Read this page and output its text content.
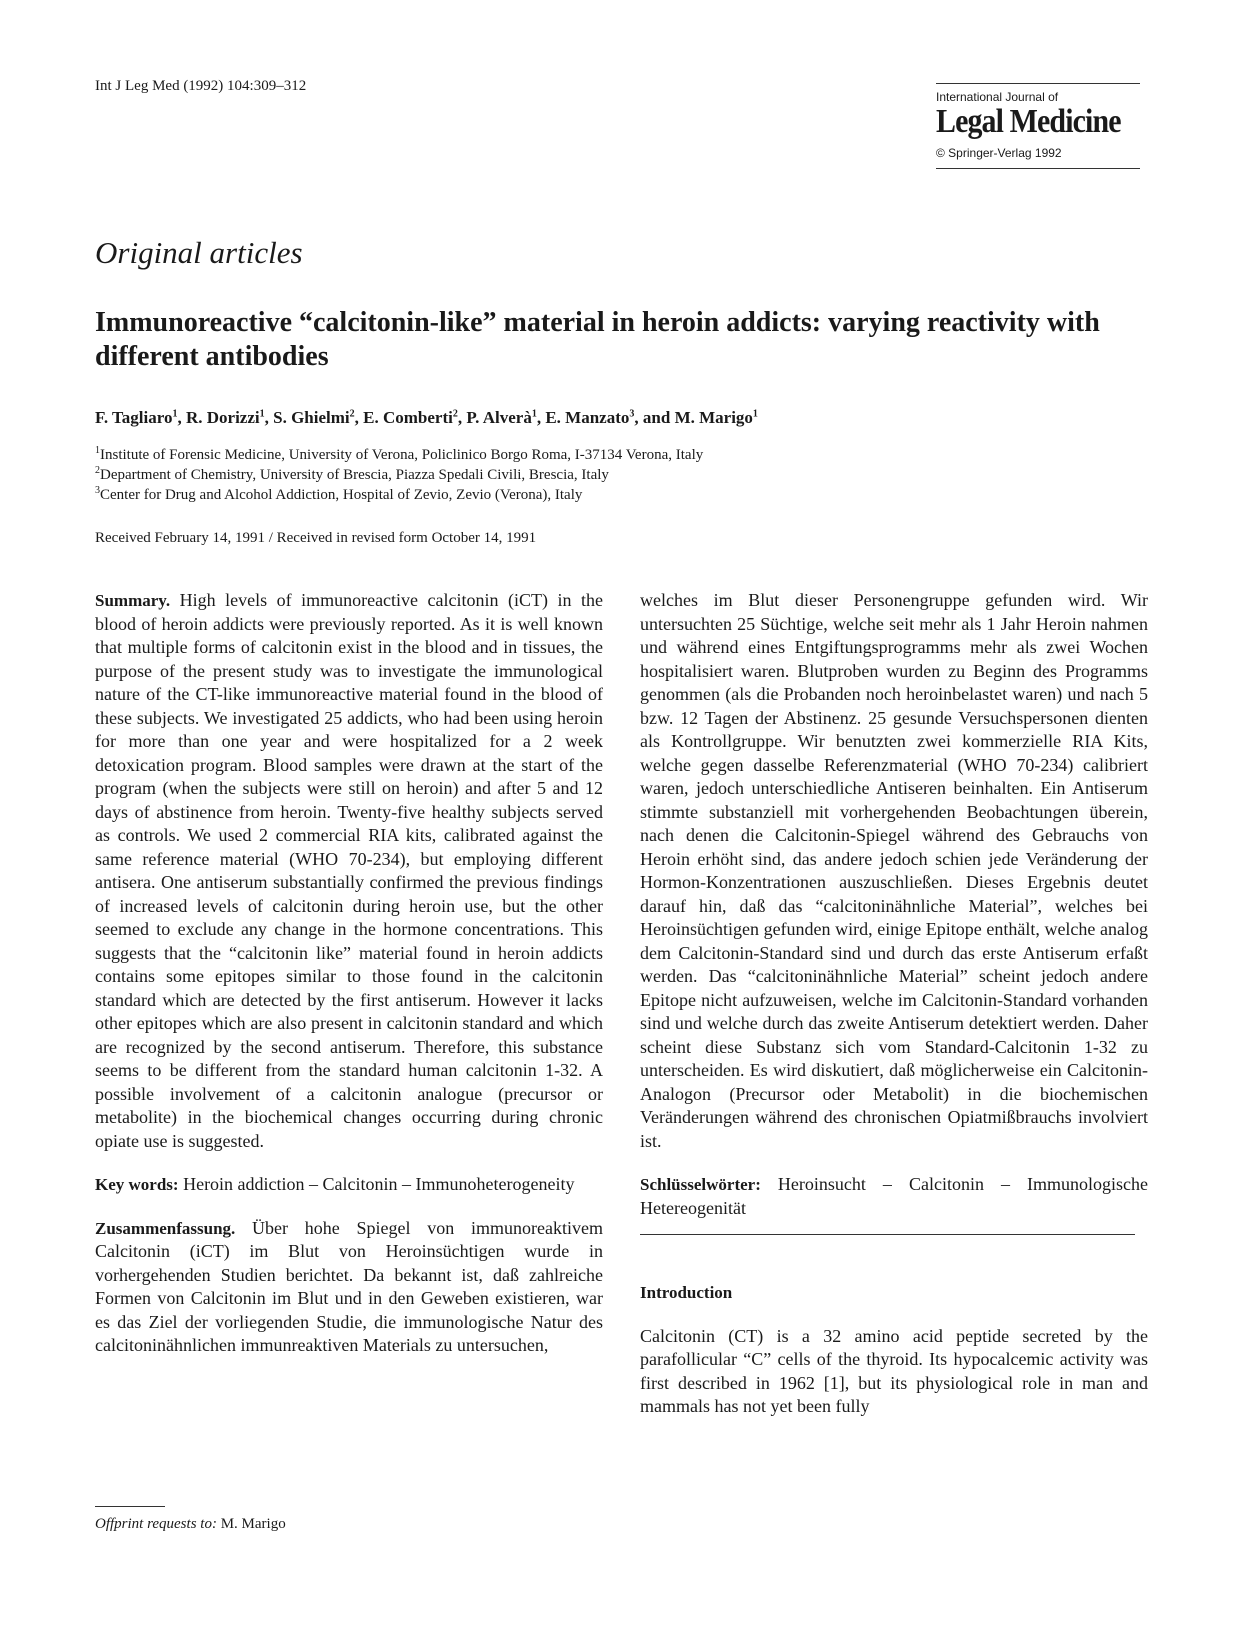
Int J Leg Med (1992) 104:309–312
International Journal of
Legal Medicine
© Springer-Verlag 1992
Original articles
Immunoreactive “calcitonin-like” material in heroin addicts: varying reactivity with different antibodies
F. Tagliaro$^1$, R. Dorizzi$^1$, S. Ghielmi$^2$, E. Comberti$^2$, P. Alverà$^1$, E. Manzato$^3$, and M. Marigo$^1$
$^1$Institute of Forensic Medicine, University of Verona, Policlinico Borgo Roma, I-37134 Verona, Italy
$^2$Department of Chemistry, University of Brescia, Piazza Spedali Civili, Brescia, Italy
$^3$Center for Drug and Alcohol Addiction, Hospital of Zevio, Zevio (Verona), Italy
Received February 14, 1991 / Received in revised form October 14, 1991

Summary. High levels of immunoreactive calcitonin (iCT) in the blood of heroin addicts were previously reported. As it is well known that multiple forms of calcitonin exist in the blood and in tissues, the purpose of the present study was to investigate the immunological nature of the CT-like immunoreactive material found in the blood of these subjects. We investigated 25 addicts, who had been using heroin for more than one year and were hospitalized for a 2 week detoxication program. Blood samples were drawn at the start of the program (when the subjects were still on heroin) and after 5 and 12 days of abstinence from heroin. Twenty-five healthy subjects served as controls. We used 2 commercial RIA kits, calibrated against the same reference material (WHO 70-234), but employing different antisera. One antiserum substantially confirmed the previous findings of increased levels of calcitonin during heroin use, but the other seemed to exclude any change in the hormone concentrations. This suggests that the “calcitonin like” material found in heroin addicts contains some epitopes similar to those found in the calcitonin standard which are detected by the first antiserum. However it lacks other epitopes which are also present in calcitonin standard and which are recognized by the second antiserum. Therefore, this substance seems to be different from the standard human calcitonin 1-32. A possible involvement of a calcitonin analogue (precursor or metabolite) in the biochemical changes occurring during chronic opiate use is suggested.

Key words: Heroin addiction – Calcitonin – Immunoheterogeneity

Zusammenfassung. Über hohe Spiegel von immunoreaktivem Calcitonin (iCT) im Blut von Heroinsüchtigen wurde in vorhergehenden Studien berichtet. Da bekannt ist, daß zahlreiche Formen von Calcitonin im Blut und in den Geweben existieren, war es das Ziel der vorliegenden Studie, die immunologische Natur des calcitoninähnlichen immunreaktiven Materials zu untersuchen,

welches im Blut dieser Personengruppe gefunden wird. Wir untersuchten 25 Süchtige, welche seit mehr als 1 Jahr Heroin nahmen und während eines Entgiftungsprogramms mehr als zwei Wochen hospitalisiert waren. Blutproben wurden zu Beginn des Programms genommen (als die Probanden noch heroinbelastet waren) und nach 5 bzw. 12 Tagen der Abstinenz. 25 gesunde Versuchspersonen dienten als Kontrollgruppe. Wir benutzten zwei kommerzielle RIA Kits, welche gegen dasselbe Referenzmaterial (WHO 70-234) calibriert waren, jedoch unterschiedliche Antiseren beinhalten. Ein Antiserum stimmte substanziell mit vorhergehenden Beobachtungen überein, nach denen die Calcitonin-Spiegel während des Gebrauchs von Heroin erhöht sind, das andere jedoch schien jede Veränderung der Hormon-Konzentrationen auszuschließen. Dieses Ergebnis deutet darauf hin, daß das “calcitoninähnliche Material”, welches bei Heroinsüchtigen gefunden wird, einige Epitope enthält, welche analog dem Calcitonin-Standard sind und durch das erste Antiserum erfaßt werden. Das “calcitoninähnliche Material” scheint jedoch andere Epitope nicht aufzuweisen, welche im Calcitonin-Standard vorhanden sind und welche durch das zweite Antiserum detektiert werden. Daher scheint diese Substanz sich vom Standard-Calcitonin 1-32 zu unterscheiden. Es wird diskutiert, daß möglicherweise ein Calcitonin-Analogon (Precursor oder Metabolit) in die biochemischen Veränderungen während des chronischen Opiatmißbrauchs involviert ist.

Schlüsselwörter: Heroinsucht – Calcitonin – Immunologische Hetereogenität

Introduction

Calcitonin (CT) is a 32 amino acid peptide secreted by the parafollicular “C” cells of the thyroid. Its hypocalcemic activity was first described in 1962 [1], but its physiological role in man and mammals has not yet been fully

Offprint requests to: M. Marigo
